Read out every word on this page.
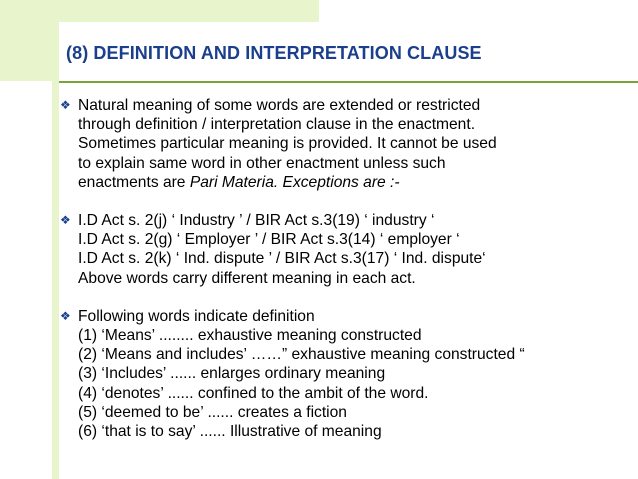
(8) DEFINITION AND INTERPRETATION CLAUSE
❖ Natural meaning of some words are extended or restricted
through definition / interpretation clause in the enactment.
Sometimes particular meaning is provided. It cannot be used
to explain same word in other enactment unless such
enactments are Pari Materia. Exceptions are :-
❖ I.D Act s. 2(j) ‘ Industry ’ / BIR Act s.3(19) ‘ industry ‘
I.D Act s. 2(g) ‘ Employer ’ / BIR Act s.3(14) ‘ employer ‘
I.D Act s. 2(k) ‘ Ind. dispute ’ / BIR Act s.3(17) ‘ Ind. dispute‘
Above words carry different meaning in each act.
❖ Following words indicate definition
(1) ‘Means’ ........ exhaustive meaning constructed
(2) ‘Means and includes’ ……” exhaustive meaning constructed “
(3) ‘Includes’ ...... enlarges ordinary meaning
(4) ‘denotes’ ...... confined to the ambit of the word.
(5) ‘deemed to be’ ...... creates a fiction
(6) ‘that is to say’ ...... Illustrative of meaning
